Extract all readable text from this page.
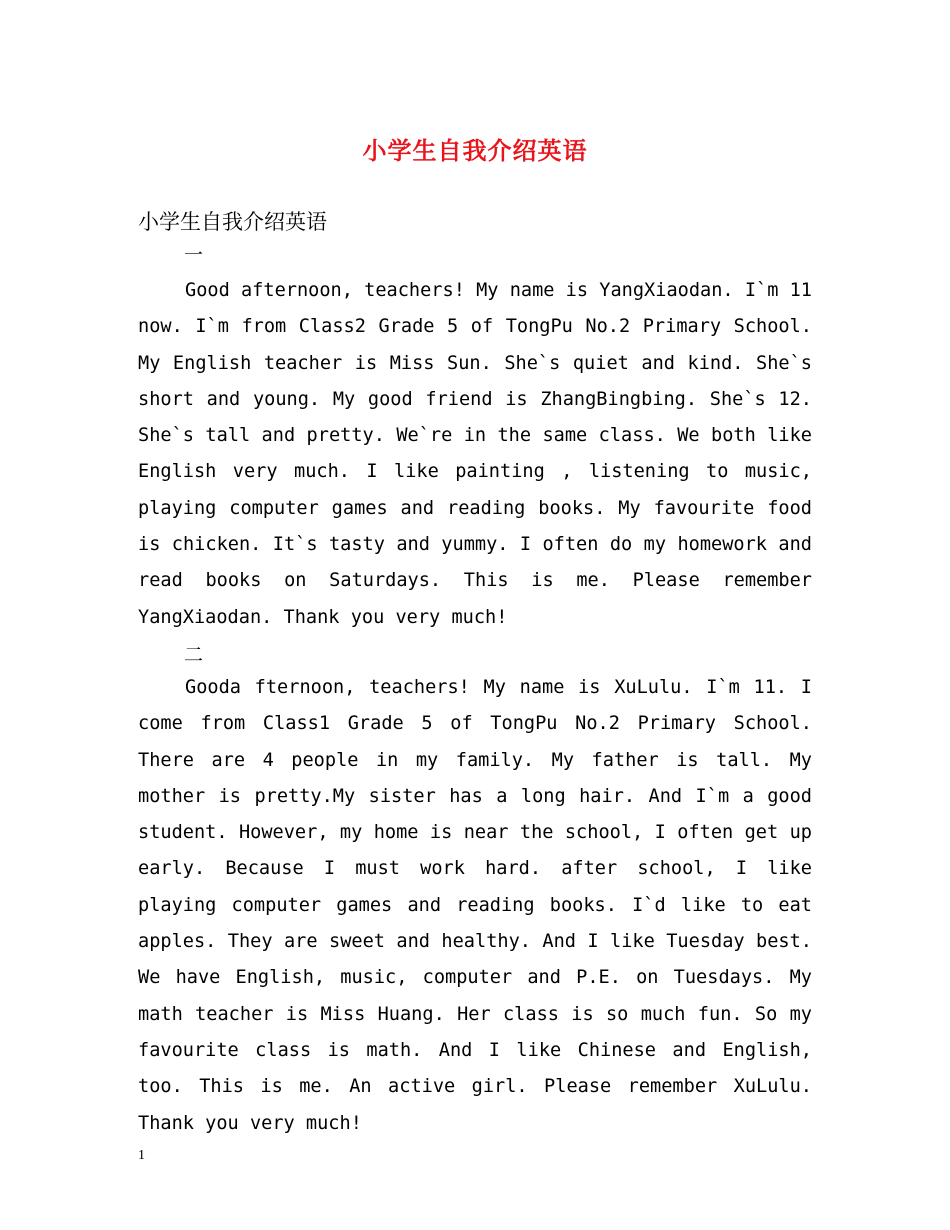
小学生自我介绍英语
小学生自我介绍英语
一

Good afternoon, teachers! My name is YangXiaodan. I`m 11 now. I`m from Class2 Grade 5 of TongPu No.2 Primary School. My English teacher is Miss Sun. She`s quiet and kind. She`s short and young. My good friend is ZhangBingbing. She`s 12. She`s tall and pretty. We`re in the same class. We both like English very much. I like painting , listening to music, playing computer games and reading books. My favourite food is chicken. It`s tasty and yummy. I often do my homework and read books on Saturdays. This is me. Please remember YangXiaodan. Thank you very much!

二

Gooda fternoon, teachers! My name is XuLulu. I`m 11. I come from Class1 Grade 5 of TongPu No.2 Primary School. There are 4 people in my family. My father is tall. My mother is pretty.My sister has a long hair. And I`m a good student. However, my home is near the school, I often get up early. Because I must work hard. after school, I like playing computer games and reading books. I`d like to eat apples. They are sweet and healthy. And I like Tuesday best. We have English, music, computer and P.E. on Tuesdays. My math teacher is Miss Huang. Her class is so much fun. So my favourite class is math. And I like Chinese and English, too. This is me. An active girl. Please remember XuLulu. Thank you very much!

1
